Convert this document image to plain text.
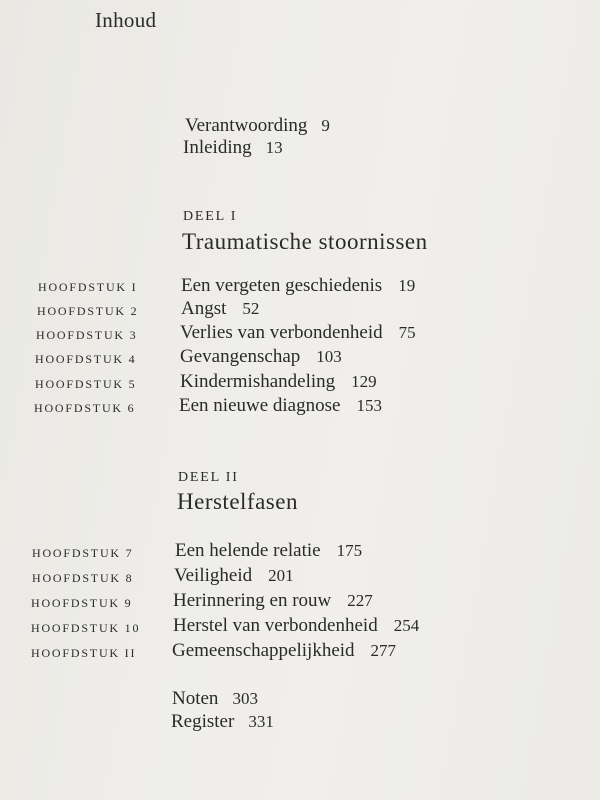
Inhoud
Verantwoording 9
Inleiding 13
DEEL I
Traumatische stoornissen
HOOFDSTUK I Een vergeten geschiedenis 19
HOOFDSTUK 2 Angst 52
HOOFDSTUK 3 Verlies van verbondenheid 75
HOOFDSTUK 4 Gevangenschap 103
HOOFDSTUK 5 Kindermishandeling 129
HOOFDSTUK 6 Een nieuwe diagnose 153
DEEL II
Herstelfasen
HOOFDSTUK 7 Een helende relatie 175
HOOFDSTUK 8 Veiligheid 201
HOOFDSTUK 9 Herinnering en rouw 227
HOOFDSTUK 10 Herstel van verbondenheid 254
HOOFDSTUK II Gemeenschappelijkheid 277
Noten 303
Register 331
